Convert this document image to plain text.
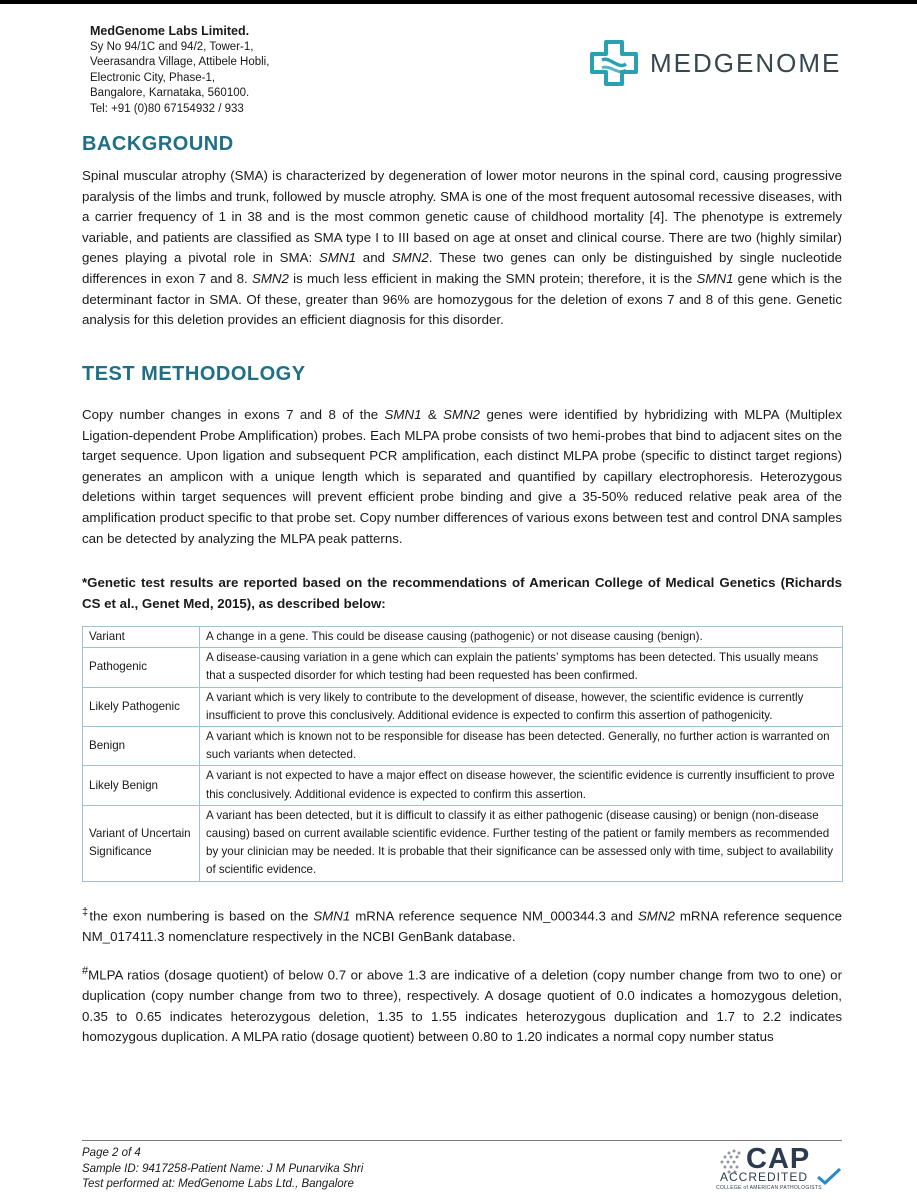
MedGenome Labs Limited.
Sy No 94/1C and 94/2, Tower-1,
Veerasandra Village, Attibele Hobli,
Electronic City, Phase-1,
Bangalore, Karnataka, 560100.
Tel: +91 (0)80 67154932 / 933
MEDGENOME
BACKGROUND

Spinal muscular atrophy (SMA) is characterized by degeneration of lower motor neurons in the spinal cord, causing progressive paralysis of the limbs and trunk, followed by muscle atrophy. SMA is one of the most frequent autosomal recessive diseases, with a carrier frequency of 1 in 38 and is the most common genetic cause of childhood mortality [4]. The phenotype is extremely variable, and patients are classified as SMA type I to III based on age at onset and clinical course. There are two (highly similar) genes playing a pivotal role in SMA: SMN1 and SMN2. These two genes can only be distinguished by single nucleotide differences in exon 7 and 8. SMN2 is much less efficient in making the SMN protein; therefore, it is the SMN1 gene which is the determinant factor in SMA. Of these, greater than 96% are homozygous for the deletion of exons 7 and 8 of this gene. Genetic analysis for this deletion provides an efficient diagnosis for this disorder.

TEST METHODOLOGY

Copy number changes in exons 7 and 8 of the SMN1 & SMN2 genes were identified by hybridizing with MLPA (Multiplex Ligation-dependent Probe Amplification) probes. Each MLPA probe consists of two hemi-probes that bind to adjacent sites on the target sequence. Upon ligation and subsequent PCR amplification, each distinct MLPA probe (specific to distinct target regions) generates an amplicon with a unique length which is separated and quantified by capillary electrophoresis. Heterozygous deletions within target sequences will prevent efficient probe binding and give a 35-50% reduced relative peak area of the amplification product specific to that probe set. Copy number differences of various exons between test and control DNA samples can be detected by analyzing the MLPA peak patterns.

*Genetic test results are reported based on the recommendations of American College of Medical Genetics (Richards CS et al., Genet Med, 2015), as described below:

Variant	A change in a gene. This could be disease causing (pathogenic) or not disease causing (benign).
Pathogenic	A disease-causing variation in a gene which can explain the patients’ symptoms has been detected. This usually means that a suspected disorder for which testing had been requested has been confirmed.
Likely Pathogenic	A variant which is very likely to contribute to the development of disease, however, the scientific evidence is currently insufficient to prove this conclusively. Additional evidence is expected to confirm this assertion of pathogenicity.
Benign	A variant which is known not to be responsible for disease has been detected. Generally, no further action is warranted on such variants when detected.
Likely Benign	A variant is not expected to have a major effect on disease however, the scientific evidence is currently insufficient to prove this conclusively. Additional evidence is expected to confirm this assertion.
Variant of Uncertain Significance	A variant has been detected, but it is difficult to classify it as either pathogenic (disease causing) or benign (non-disease causing) based on current available scientific evidence. Further testing of the patient or family members as recommended by your clinician may be needed. It is probable that their significance can be assessed only with time, subject to availability of scientific evidence.

‡the exon numbering is based on the SMN1 mRNA reference sequence NM_000344.3 and SMN2 mRNA reference sequence NM_017411.3 nomenclature respectively in the NCBI GenBank database.

#MLPA ratios (dosage quotient) of below 0.7 or above 1.3 are indicative of a deletion (copy number change from two to one) or duplication (copy number change from two to three), respectively. A dosage quotient of 0.0 indicates a homozygous deletion, 0.35 to 0.65 indicates heterozygous deletion, 1.35 to 1.55 indicates heterozygous duplication and 1.7 to 2.2 indicates homozygous duplication. A MLPA ratio (dosage quotient) between 0.80 to 1.20 indicates a normal copy number status

Page 2 of 4
Sample ID: 9417258-Patient Name: J M Punarvika Shri
Test performed at: MedGenome Labs Ltd., Bangalore
CAP
ACCREDITED
COLLEGE of AMERICAN PATHOLOGISTS
